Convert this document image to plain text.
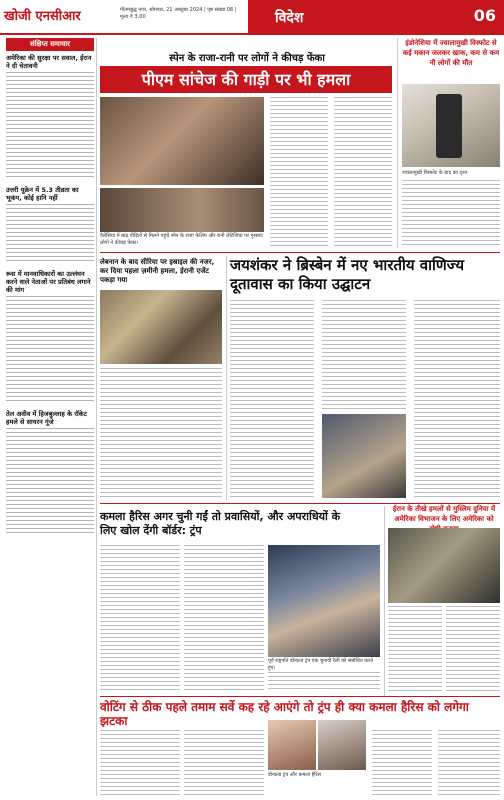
खोजी एनसीआर	गौतमबुद्ध नगर, सोमवार, 21 अक्टूबर 2024 | पृष्ठ संख्या 08 | मूल्य ₹ 3.00	विदेश	06
संक्षिप्त समाचार
अमेरिका की सुरक्षा पर सवाल, ईरान ने दी चेतावनी
उत्तरी यूक्रेन में 5.3 तीव्रता का भूकंप, कोई हानि नहीं
रूस में मानवाधिकारों का उल्लंघन करने वाले नेताओं पर प्रतिबंध लगाने की मांग
तेल अवीव में हिजबुल्लाह के रॉकेट हमले से सायरन गूंजे
स्पेन के राजा-रानी पर लोगों ने कीचड़ फेंका
पीएम सांचेज की गाड़ी पर भी हमला
वैलेंसिया में बाढ़ पीड़ितों से मिलने पहुंचे स्पेन के राजा फेलिप और रानी लेटिजिया पर गुस्साए लोगों ने कीचड़ फेंका।
इंडोनेशिया में ज्वालामुखी विस्फोट से कई मकान जलकर खाक, कम से कम नौ लोगों की मौत
ज्वालामुखी विस्फोट के बाद का दृश्य
लेबनान के बाद सीरिया पर इस्राइल की नजर, कर दिया पहला ज़मीनी हमला, ईरानी एजेंट पकड़ा गया
जयशंकर ने ब्रिस्बेन में नए भारतीय वाणिज्य दूतावास का किया उद्घाटन
कमला हैरिस अगर चुनी गईं तो प्रवासियों, और अपराधियों के लिए खोल देंगी बॉर्डर: ट्रंप
पूर्व राष्ट्रपति डोनाल्ड ट्रंप एक चुनावी रैली को संबोधित करते हुए।
ईरान के तीखे हमलों से मुस्लिम दुनिया में अमेरिका विभाजन के लिए अमेरिका को
वोटिंग से ठीक पहले तमाम सर्वे कह रहे आएंगे तो ट्रंप ही क्या कमला हैरिस को लगेगा झटका
डोनाल्ड ट्रंप और कमला हैरिस
